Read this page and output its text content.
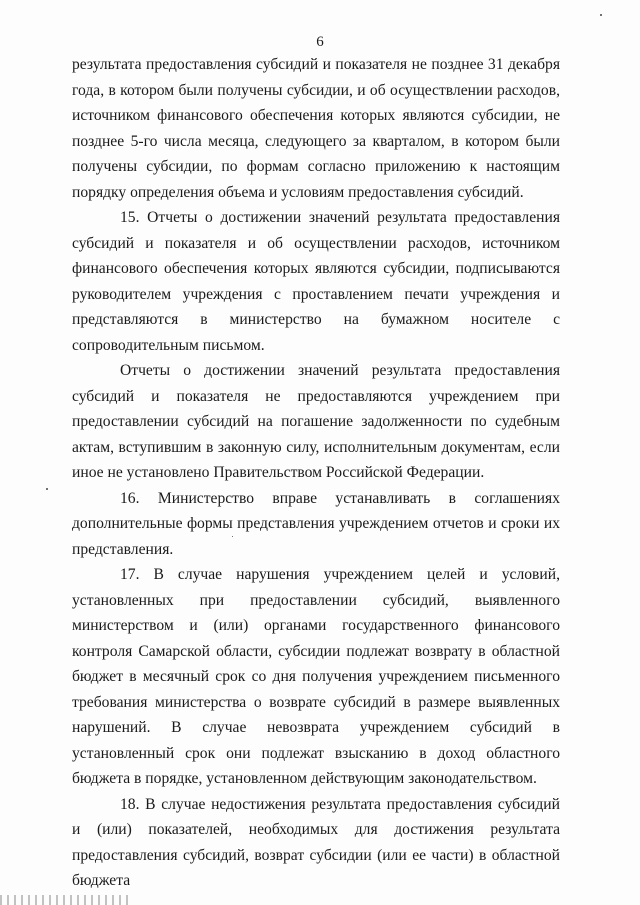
6

результата предоставления субсидий и показателя не позднее 31 декабря года, в котором были получены субсидии, и об осуществлении расходов, источником финансового обеспечения которых являются субсидии, не позднее 5-го числа месяца, следующего за кварталом, в котором были получены субсидии, по формам согласно приложению к настоящим порядку определения объема и условиям предоставления субсидий.

15. Отчеты о достижении значений результата предоставления субсидий и показателя и об осуществлении расходов, источником финансового обеспечения которых являются субсидии, подписываются руководителем учреждения с проставлением печати учреждения и представляются в министерство на бумажном носителе с сопроводительным письмом.

Отчеты о достижении значений результата предоставления субсидий и показателя не предоставляются учреждением при предоставлении субсидий на погашение задолженности по судебным актам, вступившим в законную силу, исполнительным документам, если иное не установлено Правительством Российской Федерации.

16. Министерство вправе устанавливать в соглашениях дополнительные формы представления учреждением отчетов и сроки их представления.

17. В случае нарушения учреждением целей и условий, установленных при предоставлении субсидий, выявленного министерством и (или) органами государственного финансового контроля Самарской области, субсидии подлежат возврату в областной бюджет в месячный срок со дня получения учреждением письменного требования министерства о возврате субсидий в размере выявленных нарушений. В случае невозврата учреждением субсидий в установленный срок они подлежат взысканию в доход областного бюджета в порядке, установленном действующим законодательством.

18. В случае недостижения результата предоставления субсидий и (или) показателей, необходимых для достижения результата предоставления субсидий, возврат субсидии (или ее части) в областной бюджета
